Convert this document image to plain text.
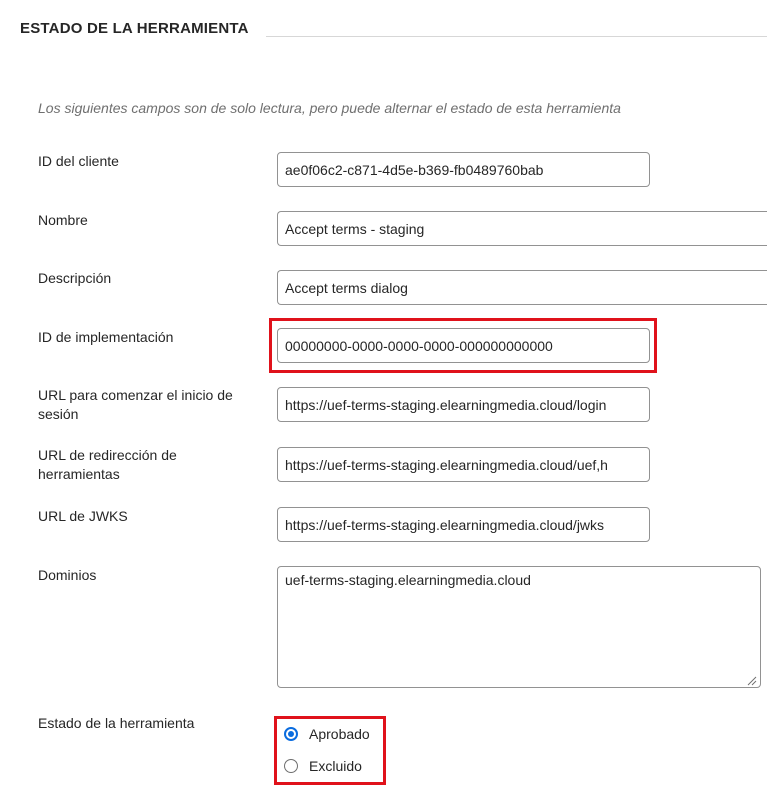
ESTADO DE LA HERRAMIENTA
Los siguientes campos son de solo lectura, pero puede alternar el estado de esta herramienta
ID del cliente
ae0f06c2-c871-4d5e-b369-fb0489760bab
Nombre
Accept terms - staging
Descripción
Accept terms dialog
ID de implementación
00000000-0000-0000-0000-000000000000
URL para comenzar el inicio de sesión
https://uef-terms-staging.elearningmedia.cloud/login
URL de redirección de herramientas
https://uef-terms-staging.elearningmedia.cloud/uef,h
URL de JWKS
https://uef-terms-staging.elearningmedia.cloud/jwks
Dominios
uef-terms-staging.elearningmedia.cloud
Estado de la herramienta
Aprobado
Excluido
